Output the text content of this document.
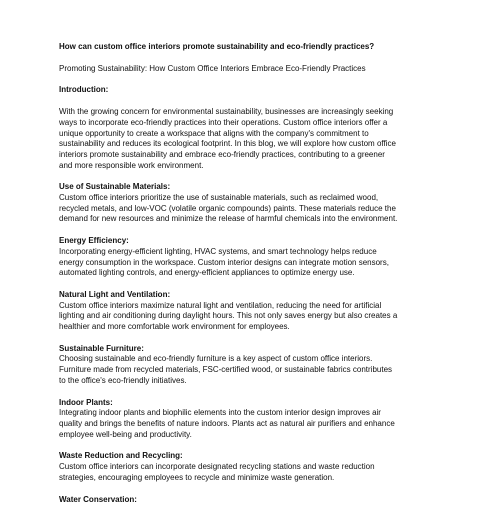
How can custom office interiors promote sustainability and eco-friendly practices?

Promoting Sustainability: How Custom Office Interiors Embrace Eco-Friendly Practices

Introduction:

With the growing concern for environmental sustainability, businesses are increasingly seeking
ways to incorporate eco-friendly practices into their operations. Custom office interiors offer a
unique opportunity to create a workspace that aligns with the company's commitment to
sustainability and reduces its ecological footprint. In this blog, we will explore how custom office
interiors promote sustainability and embrace eco-friendly practices, contributing to a greener
and more responsible work environment.

Use of Sustainable Materials:

Custom office interiors prioritize the use of sustainable materials, such as reclaimed wood,
recycled metals, and low-VOC (volatile organic compounds) paints. These materials reduce the
demand for new resources and minimize the release of harmful chemicals into the environment.

Energy Efficiency:

Incorporating energy-efficient lighting, HVAC systems, and smart technology helps reduce
energy consumption in the workspace. Custom interior designs can integrate motion sensors,
automated lighting controls, and energy-efficient appliances to optimize energy use.

Natural Light and Ventilation:

Custom office interiors maximize natural light and ventilation, reducing the need for artificial
lighting and air conditioning during daylight hours. This not only saves energy but also creates a
healthier and more comfortable work environment for employees.

Sustainable Furniture:

Choosing sustainable and eco-friendly furniture is a key aspect of custom office interiors.
Furniture made from recycled materials, FSC-certified wood, or sustainable fabrics contributes
to the office's eco-friendly initiatives.

Indoor Plants:

Integrating indoor plants and biophilic elements into the custom interior design improves air
quality and brings the benefits of nature indoors. Plants act as natural air purifiers and enhance
employee well-being and productivity.

Waste Reduction and Recycling:

Custom office interiors can incorporate designated recycling stations and waste reduction
strategies, encouraging employees to recycle and minimize waste generation.

Water Conservation:
